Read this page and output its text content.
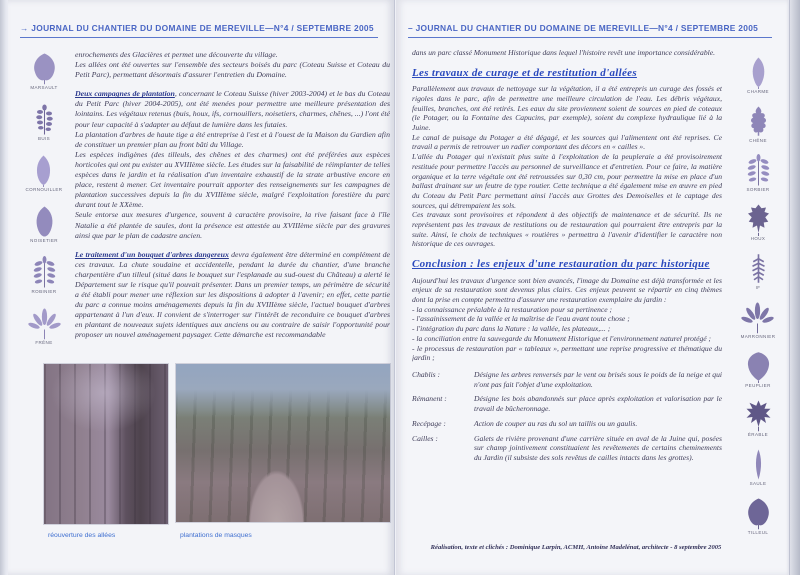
→ JOURNAL DU CHANTIER DU DOMAINE DE MEREVILLE—N°4 / SEPTEMBRE 2005
MARSAULT
BUIS
CORNOUILLER
NOISETIER
ROBINIER
FRÊNE

enrochements des Glacières et permet une découverte du village.

Les allées ont été ouvertes sur l'ensemble des secteurs boisés du parc (Coteau Suisse et Coteau du Petit Parc), permettant désormais d'assurer l'entretien du Domaine.

Deux campagnes de plantation, concernant le Coteau Suisse (hiver 2003-2004) et le bas du Coteau du Petit Parc (hiver 2004-2005), ont été menées pour permettre une meilleure présentation des lointains. Les végétaux retenus (buis, houx, ifs, cornouillers, noisetiers, charmes, chênes, ...) l'ont été pour leur capacité à s'adapter au défaut de lumière dans les futaies.

La plantation d'arbres de haute tige a été entreprise à l'est et à l'ouest de la Maison du Gardien afin de constituer un premier plan au front bâti du Village.

Les espèces indigènes (des tilleuls, des chênes et des charmes) ont été préférées aux espèces horticoles qui ont pu exister au XVIIIème siècle. Les études sur la faisabilité de réimplanter de telles espèces dans le jardin et la réalisation d'un inventaire exhaustif de la strate arbustive encore en place, restent à mener. Cet inventaire pourrait apporter des renseignements sur les campagnes de plantation successives depuis la fin du XVIIIème siècle, malgré l'exploitation forestière du parc durant tout le XXème.

Seule entorse aux mesures d'urgence, souvent à caractère provisoire, la rive faisant face à l'île Natalie a été plantée de saules, dont la présence est attestée au XVIIIème siècle par des gravures ainsi que par le plan de cadastre ancien.

Le traitement d'un bouquet d'arbres dangereux devra également être déterminé en complément de ces travaux. La chute soudaine et accidentelle, pendant la durée du chantier, d'une branche charpentière d'un tilleul (situé dans le bouquet sur l'esplanade au sud-ouest du Château) a alerté le Département sur le risque qu'il pouvait présenter. Dans un premier temps, un périmètre de sécurité a été établi pour mener une réflexion sur les dispositions à adopter à l'avenir; en effet, cette partie du parc a connue moins aménagements depuis la fin du XVIIIème siècle, l'actuel bouquet d'arbres appartenant à l'un d'eux. Il convient de s'interroger sur l'intérêt de reconduire ce bouquet d'arbres en plantant de nouveaux sujets identiques aux anciens ou au contraire de saisir l'opportunité pour proposer un nouvel aménagement paysager. Cette démarche est recommandable

réouverture des allées	plantations de masques
– JOURNAL DU CHANTIER DU DOMAINE DE MEREVILLE—N°4 / SEPTEMBRE 2005

dans un parc classé Monument Historique dans lequel l'histoire revêt une importance considérable.

Les travaux de curage et de restitution d'allées

Parallèlement aux travaux de nettoyage sur la végétation, il a été entrepris un curage des fossés et rigoles dans le parc, afin de permettre une meilleure circulation de l'eau. Les débris végétaux, feuilles, branches, ont été retirés. Les eaux du site proviennent soient de sources en pied de coteaux (le Potager, ou la Fontaine des Capucins, par exemple), soient du complexe hydraulique lié à la Juine.

Le canal de puisage du Potager a été dégagé, et les sources qui l'alimentent ont été reprises. Ce travail a permis de retrouver un radier comportant des décors en « cailles ».

L'allée du Potager qui n'existait plus suite à l'exploitation de la peupleraie a été provisoirement restituée pour permettre l'accès au personnel de surveillance et d'entretien. Pour ce faire, la matière organique et la terre végétale ont été retroussées sur 0,30 cm, pour permettre la mise en place d'un ballast drainant sur un feutre de type routier. Cette technique a été également mise en œuvre en pied du Coteau du Petit Parc permettant ainsi l'accès aux Grottes des Demoiselles et le captage des sources, qui détrempaient les sols.

Ces travaux sont provisoires et répondent à des objectifs de maintenance et de sécurité. Ils ne représentent pas les travaux de restitutions ou de restauration qui pourraient être entrepris par la suite. Ainsi, le choix de techniques « routières » permettra à l'avenir d'identifier le caractère non historique de ces ouvrages.

Conclusion : les enjeux d'une restauration du parc historique

Aujourd'hui les travaux d'urgence sont bien avancés, l'image du Domaine est déjà transformée et les enjeux de sa restauration sont devenus plus clairs. Ces enjeux peuvent se répartir en cinq thèmes dont la prise en compte permettra d'assurer une restauration exemplaire du jardin :

- la connaissance préalable à la restauration pour sa pertinence ;

- l'assainissement de la vallée et la maîtrise de l'eau avant toute chose ;

- l'intégration du parc dans la Nature : la vallée, les plateaux,... ;

- la conciliation entre la sauvegarde du Monument Historique et l'environnement naturel protégé ;

- le processus de restauration par « tableaux », permettant une reprise progressive et thématique du jardin ;

Chablis :	Désigne les arbres renversés par le vent ou brisés sous le poids de la neige et qui n'ont pas fait l'objet d'une exploitation.
Rémanent :	Désigne les bois abandonnés sur place après exploitation et valorisation par le travail de bûcheronnage.
Recépage :	Action de couper au ras du sol un taillis ou un gaulis.
Cailles :	Galets de rivière provenant d'une carrière située en aval de la Juine qui, posées sur champ jointivement constituaient les revêtements de certains cheminements du Jardin (il subsiste des sols revêtus de cailles intacts dans les grottes).
CHARME
CHÊNE
SORBIER
HOUX
IF
MARRONNIER
PEUPLIER
ÉRABLE
SAULE
TILLEUL
Réalisation, texte et clichés : Dominique Larpin, ACMH, Antoine Madelénat, architecte - 8 septembre 2005
